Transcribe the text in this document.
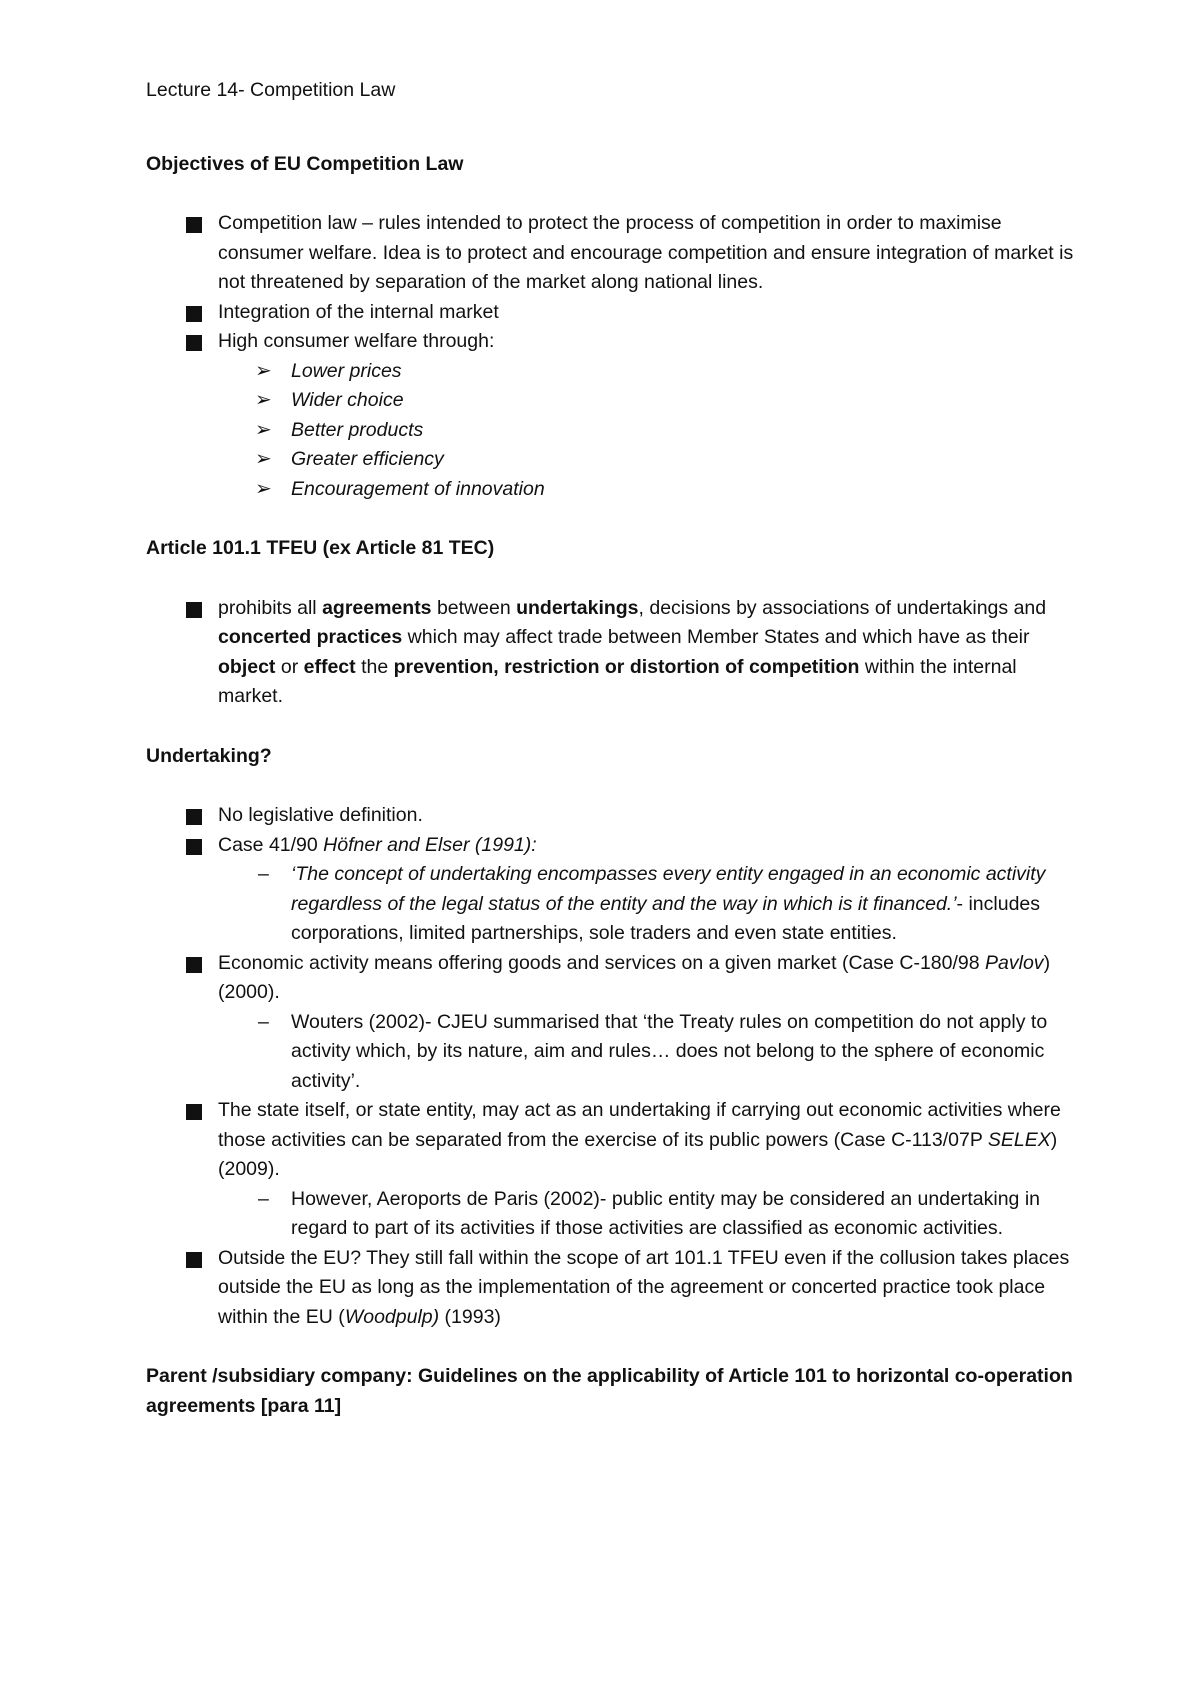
Lecture 14- Competition Law

Objectives of EU Competition Law

Competition law – rules intended to protect the process of competition in order to maximise consumer welfare. Idea is to protect and encourage competition and ensure integration of market is not threatened by separation of the market along national lines.
Integration of the internal market
High consumer welfare through:
➢ Lower prices
➢ Wider choice
➢ Better products
➢ Greater efficiency
➢ Encouragement of innovation

Article 101.1 TFEU (ex Article 81 TEC)

prohibits all agreements between undertakings, decisions by associations of undertakings and concerted practices which may affect trade between Member States and which have as their object or effect the prevention, restriction or distortion of competition within the internal market.

Undertaking?

No legislative definition.
Case 41/90 Höfner and Elser (1991):
– ‘The concept of undertaking encompasses every entity engaged in an economic activity regardless of the legal status of the entity and the way in which is it financed.’- includes corporations, limited partnerships, sole traders and even state entities.
Economic activity means offering goods and services on a given market (Case C-180/98 Pavlov) (2000).
– Wouters (2002)- CJEU summarised that ‘the Treaty rules on competition do not apply to activity which, by its nature, aim and rules… does not belong to the sphere of economic activity’.
The state itself, or state entity, may act as an undertaking if carrying out economic activities where those activities can be separated from the exercise of its public powers (Case C-113/07P SELEX) (2009).
– However, Aeroports de Paris (2002)- public entity may be considered an undertaking in regard to part of its activities if those activities are classified as economic activities.
Outside the EU? They still fall within the scope of art 101.1 TFEU even if the collusion takes places outside the EU as long as the implementation of the agreement or concerted practice took place within the EU (Woodpulp) (1993)

Parent /subsidiary company: Guidelines on the applicability of Article 101 to horizontal co-operation agreements [para 11]
